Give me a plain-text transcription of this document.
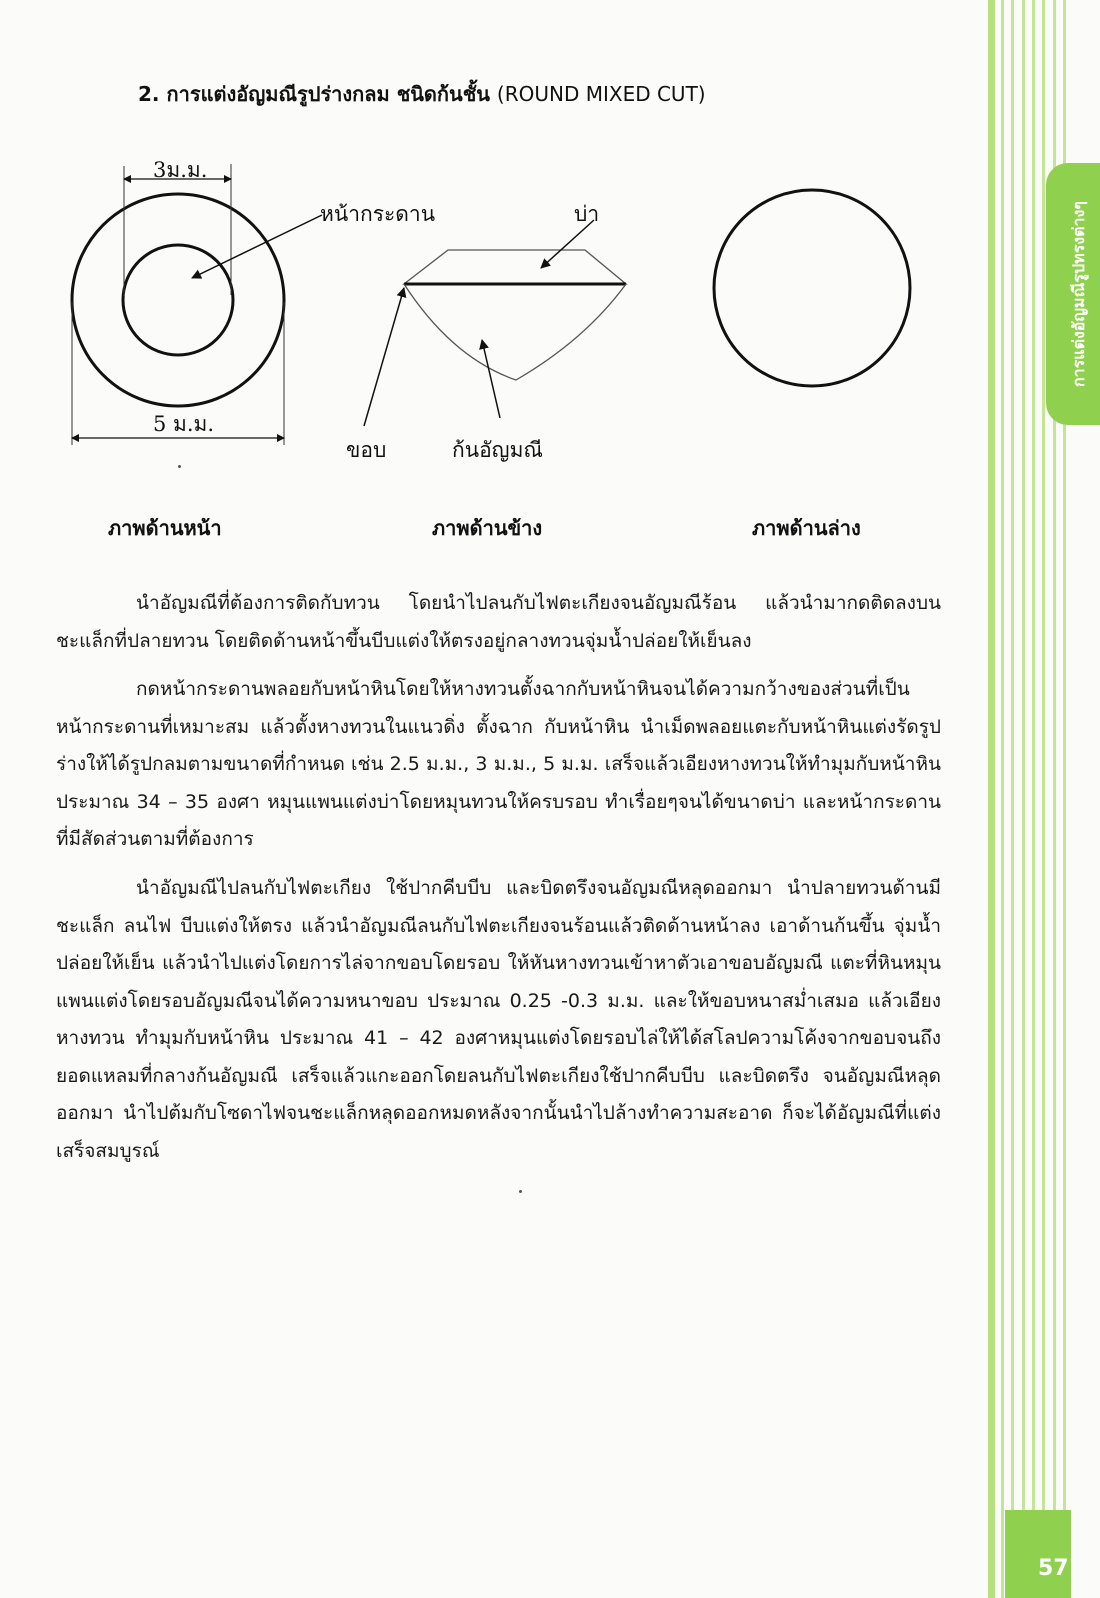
2. การแต่งอัญมณีรูปร่างกลม ชนิดก้นชั้น (ROUND MIXED CUT)
3ม.ม.
หน้ากระดาน
5 ม.ม.
บ่า
ขอบ	ก้นอัญมณี
ภาพด้านหน้า	ภาพด้านข้าง	ภาพด้านล่าง

นำอัญมณีที่ต้องการติดกับทวน โดยนำไปลนกับไฟตะเกียงจนอัญมณีร้อน แล้วนำมากดติดลงบนชะแล็กที่ปลายทวน โดยติดด้านหน้าขึ้นบีบแต่งให้ตรงอยู่กลางทวนจุ่มน้ำปล่อยให้เย็นลง

กดหน้ากระดานพลอยกับหน้าหินโดยให้หางทวนตั้งฉากกับหน้าหินจนได้ความกว้างของส่วนที่เป็นหน้ากระดานที่เหมาะสม แล้วตั้งหางทวนในแนวดิ่ง ตั้งฉาก กับหน้าหิน นำเม็ดพลอยแตะกับหน้าหินแต่งรัดรูปร่างให้ได้รูปกลมตามขนาดที่กำหนด เช่น 2.5 ม.ม., 3 ม.ม., 5 ม.ม. เสร็จแล้วเอียงหางทวนให้ทำมุมกับหน้าหิน ประมาณ 34 – 35 องศา หมุนแพนแต่งบ่าโดยหมุนทวนให้ครบรอบ ทำเรื่อยๆจนได้ขนาดบ่า และหน้ากระดาน ที่มีสัดส่วนตามที่ต้องการ

นำอัญมณีไปลนกับไฟตะเกียง ใช้ปากคีบบีบ และบิดตรึงจนอัญมณีหลุดออกมา นำปลายทวนด้านมีชะแล็ก ลนไฟ บีบแต่งให้ตรง แล้วนำอัญมณีลนกับไฟตะเกียงจนร้อนแล้วติดด้านหน้าลง เอาด้านก้นขึ้น จุ่มน้ำปล่อยให้เย็น แล้วนำไปแต่งโดยการไล่จากขอบโดยรอบ ให้หันหางทวนเข้าหาตัวเอาขอบอัญมณี แตะที่หินหมุนแพนแต่งโดยรอบอัญมณีจนได้ความหนาขอบ ประมาณ 0.25 -0.3 ม.ม. และให้ขอบหนาสม่ำเสมอ แล้วเอียงหางทวน ทำมุมกับหน้าหิน ประมาณ 41 – 42 องศาหมุนแต่งโดยรอบไล่ให้ได้สโลปความโค้งจากขอบจนถึงยอดแหลมที่กลางก้นอัญมณี เสร็จแล้วแกะออกโดยลนกับไฟตะเกียงใช้ปากคีบบีบ และบิดตรึง จนอัญมณีหลุดออกมา นำไปต้มกับโซดาไฟจนชะแล็กหลุดออกหมดหลังจากนั้นนำไปล้างทำความสะอาด ก็จะได้อัญมณีที่แต่งเสร็จสมบูรณ์

การแต่งอัญมณีรูปทรงต่างๆ
57
